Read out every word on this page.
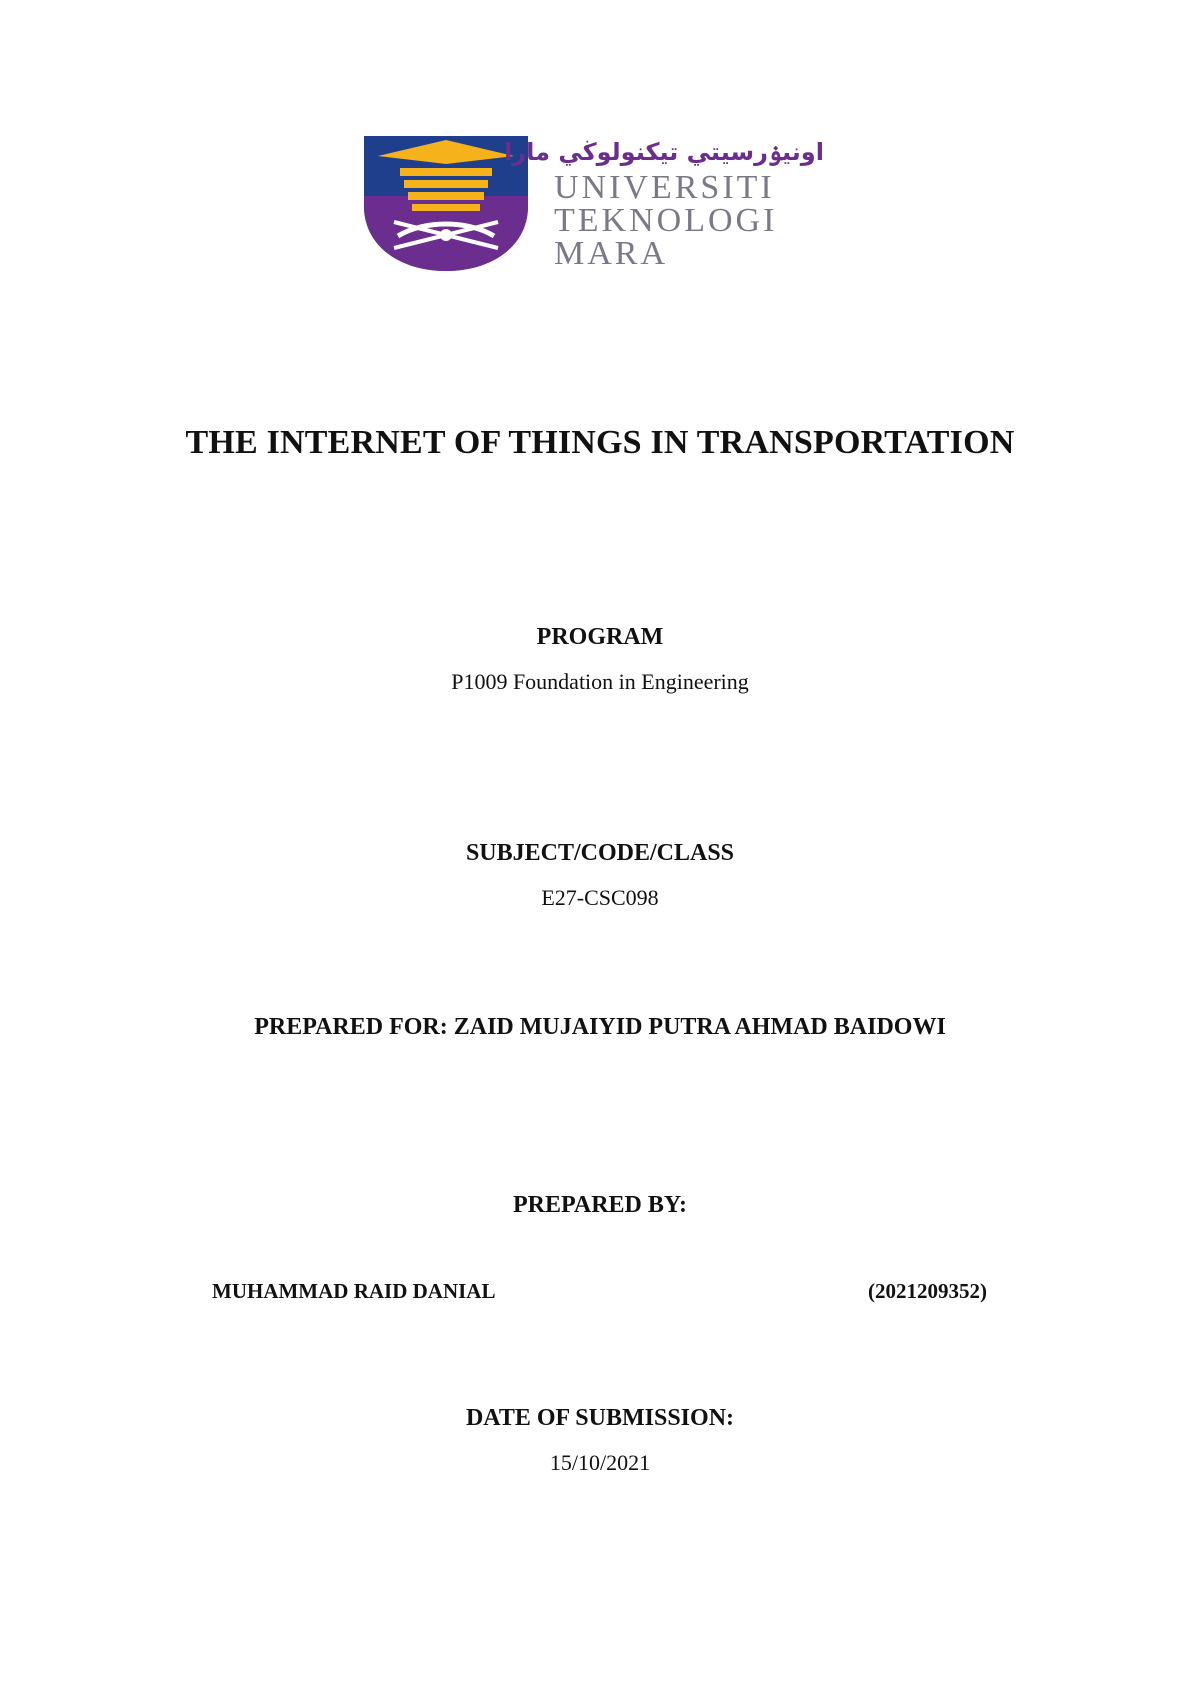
اونيۏرسيتي تيكنولوڬي مارا
UNIVERSITI
TEKNOLOGI
MARA
THE INTERNET OF THINGS IN TRANSPORTATION
PROGRAM
P1009 Foundation in Engineering
SUBJECT/CODE/CLASS
E27-CSC098
PREPARED FOR: ZAID MUJAIYID PUTRA AHMAD BAIDOWI
PREPARED BY:
MUHAMMAD RAID DANIAL	(2021209352)
DATE OF SUBMISSION:
15/10/2021
